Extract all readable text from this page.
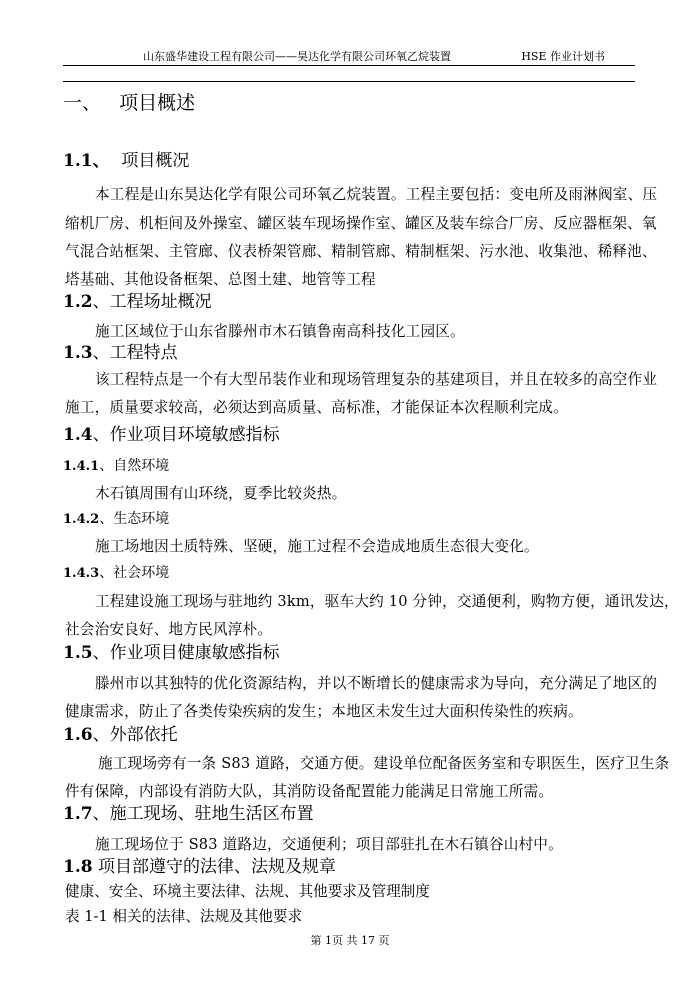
山东盛华建设工程有限公司——昊达化学有限公司环氧乙烷装置	HSE 作业计划书
一、 项目概述
1.1、 项目概况
本工程是山东昊达化学有限公司环氧乙烷装置。工程主要包括：变电所及雨淋阀室、压
缩机厂房、机柜间及外操室、罐区装车现场操作室、罐区及装车综合厂房、反应器框架、氧
气混合站框架、主管廊、仪表桥架管廊、精制管廊、精制框架、污水池、收集池、稀释池、
塔基础、其他设备框架、总图土建、地管等工程
1.2、工程场址概况
施工区域位于山东省滕州市木石镇鲁南高科技化工园区。
1.3、工程特点
该工程特点是一个有大型吊装作业和现场管理复杂的基建项目，并且在较多的高空作业
施工，质量要求较高，必须达到高质量、高标准，才能保证本次程顺利完成。
1.4、作业项目环境敏感指标
1.4.1、自然环境
木石镇周围有山环绕，夏季比较炎热。
1.4.2、生态环境
施工场地因土质特殊、坚硬，施工过程不会造成地质生态很大变化。
1.4.3、社会环境
工程建设施工现场与驻地约 3km，驱车大约 10 分钟，交通便利，购物方便，通讯发达，
社会治安良好、地方民风淳朴。
1.5、作业项目健康敏感指标
滕州市以其独特的优化资源结构，并以不断增长的健康需求为导向，充分满足了地区的
健康需求，防止了各类传染疾病的发生；本地区未发生过大面积传染性的疾病。
1.6、外部依托
施工现场旁有一条 S83 道路，交通方便。建设单位配备医务室和专职医生，医疗卫生条
件有保障，内部设有消防大队，其消防设备配置能力能满足日常施工所需。
1.7、施工现场、驻地生活区布置
施工现场位于 S83 道路边，交通便利；项目部驻扎在木石镇谷山村中。
1.8 项目部遵守的法律、法规及规章
健康、安全、环境主要法律、法规、其他要求及管理制度
表 1-1 相关的法律、法规及其他要求
第 1页 共 17 页
